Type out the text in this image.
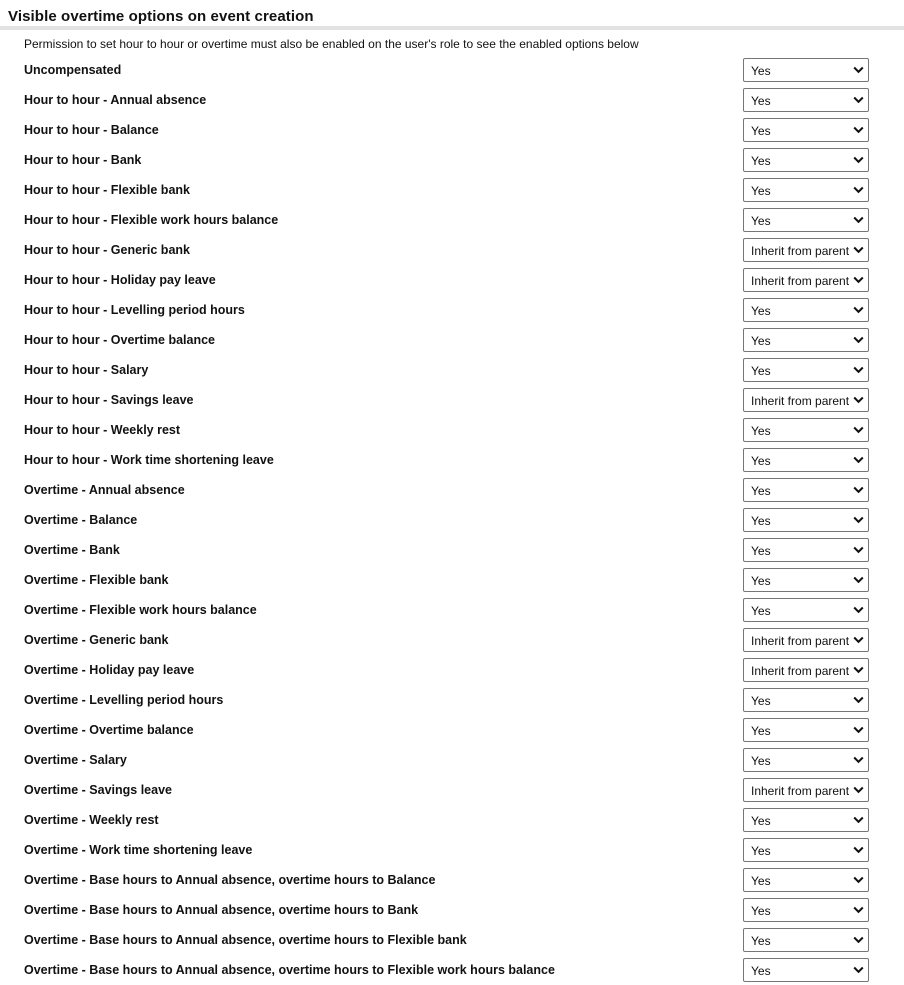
Visible overtime options on event creation
Permission to set hour to hour or overtime must also be enabled on the user's role to see the enabled options below
Uncompensated	Yes
Hour to hour - Annual absence	Yes
Hour to hour - Balance	Yes
Hour to hour - Bank	Yes
Hour to hour - Flexible bank	Yes
Hour to hour - Flexible work hours balance	Yes
Hour to hour - Generic bank	Inherit from parent
Hour to hour - Holiday pay leave	Inherit from parent
Hour to hour - Levelling period hours	Yes
Hour to hour - Overtime balance	Yes
Hour to hour - Salary	Yes
Hour to hour - Savings leave	Inherit from parent
Hour to hour - Weekly rest	Yes
Hour to hour - Work time shortening leave	Yes
Overtime - Annual absence	Yes
Overtime - Balance	Yes
Overtime - Bank	Yes
Overtime - Flexible bank	Yes
Overtime - Flexible work hours balance	Yes
Overtime - Generic bank	Inherit from parent
Overtime - Holiday pay leave	Inherit from parent
Overtime - Levelling period hours	Yes
Overtime - Overtime balance	Yes
Overtime - Salary	Yes
Overtime - Savings leave	Inherit from parent
Overtime - Weekly rest	Yes
Overtime - Work time shortening leave	Yes
Overtime - Base hours to Annual absence, overtime hours to Balance	Yes
Overtime - Base hours to Annual absence, overtime hours to Bank	Yes
Overtime - Base hours to Annual absence, overtime hours to Flexible bank	Yes
Overtime - Base hours to Annual absence, overtime hours to Flexible work hours balance	Yes
